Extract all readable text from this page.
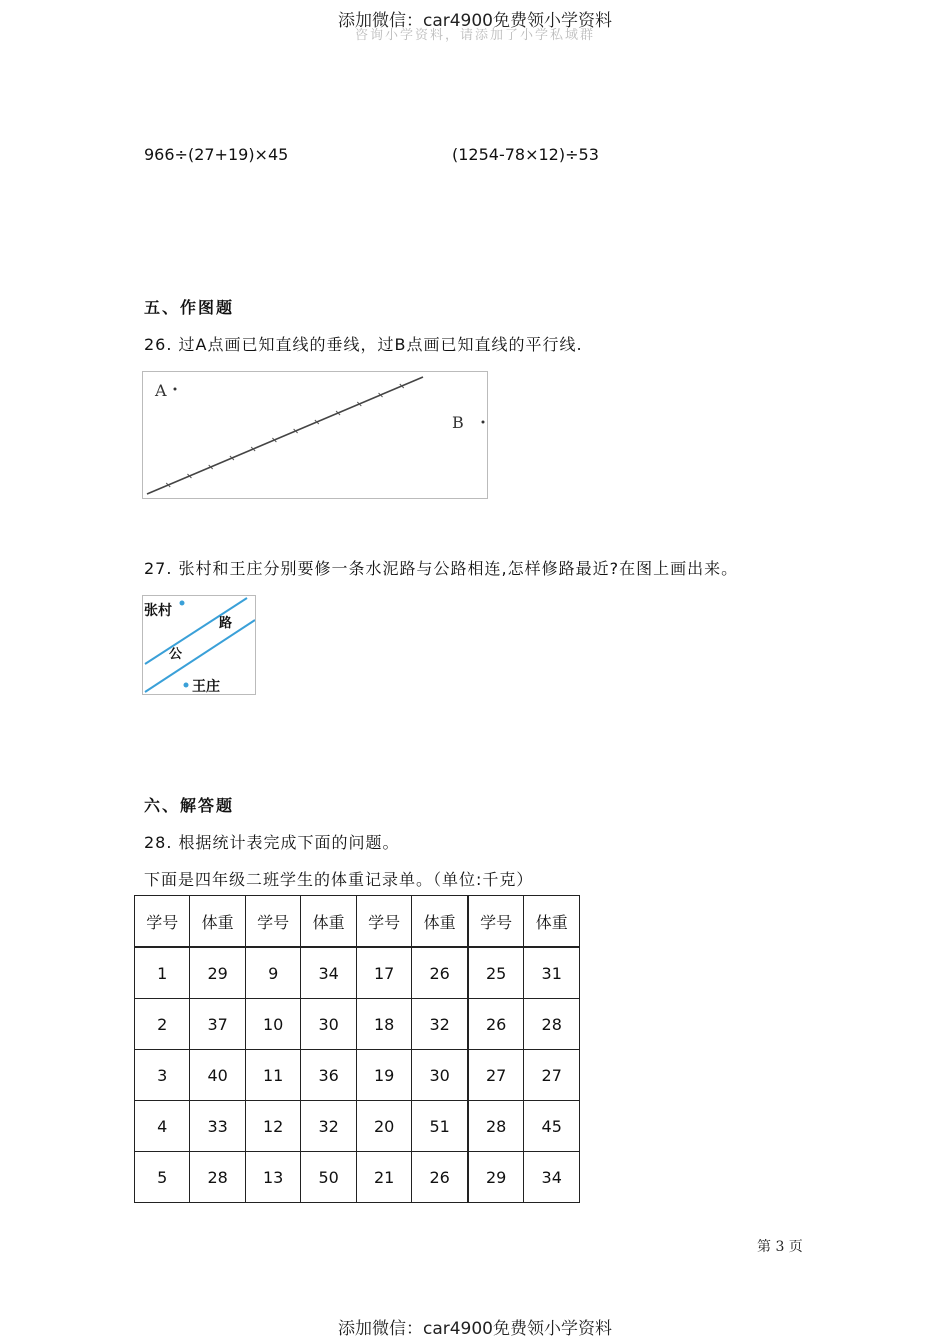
添加微信：car4900免费领小学资料
咨询小学资料，请添加了小学私域群
966÷(27+19)×45	(1254-78×12)÷53
五、作图题
26. 过A点画已知直线的垂线，过B点画已知直线的平行线.
A
B
27. 张村和王庄分别要修一条水泥路与公路相连,怎样修路最近?在图上画出来。
张村
公
路
王庄
六、解答题
28. 根据统计表完成下面的问题。
下面是四年级二班学生的体重记录单。（单位:千克）
学号	体重	学号	体重	学号	体重	学号	体重
1	29	9	34	17	26	25	31
2	37	10	30	18	32	26	28
3	40	11	36	19	30	27	27
4	33	12	32	20	51	28	45
5	28	13	50	21	26	29	34
第 3 页
添加微信：car4900免费领小学资料
